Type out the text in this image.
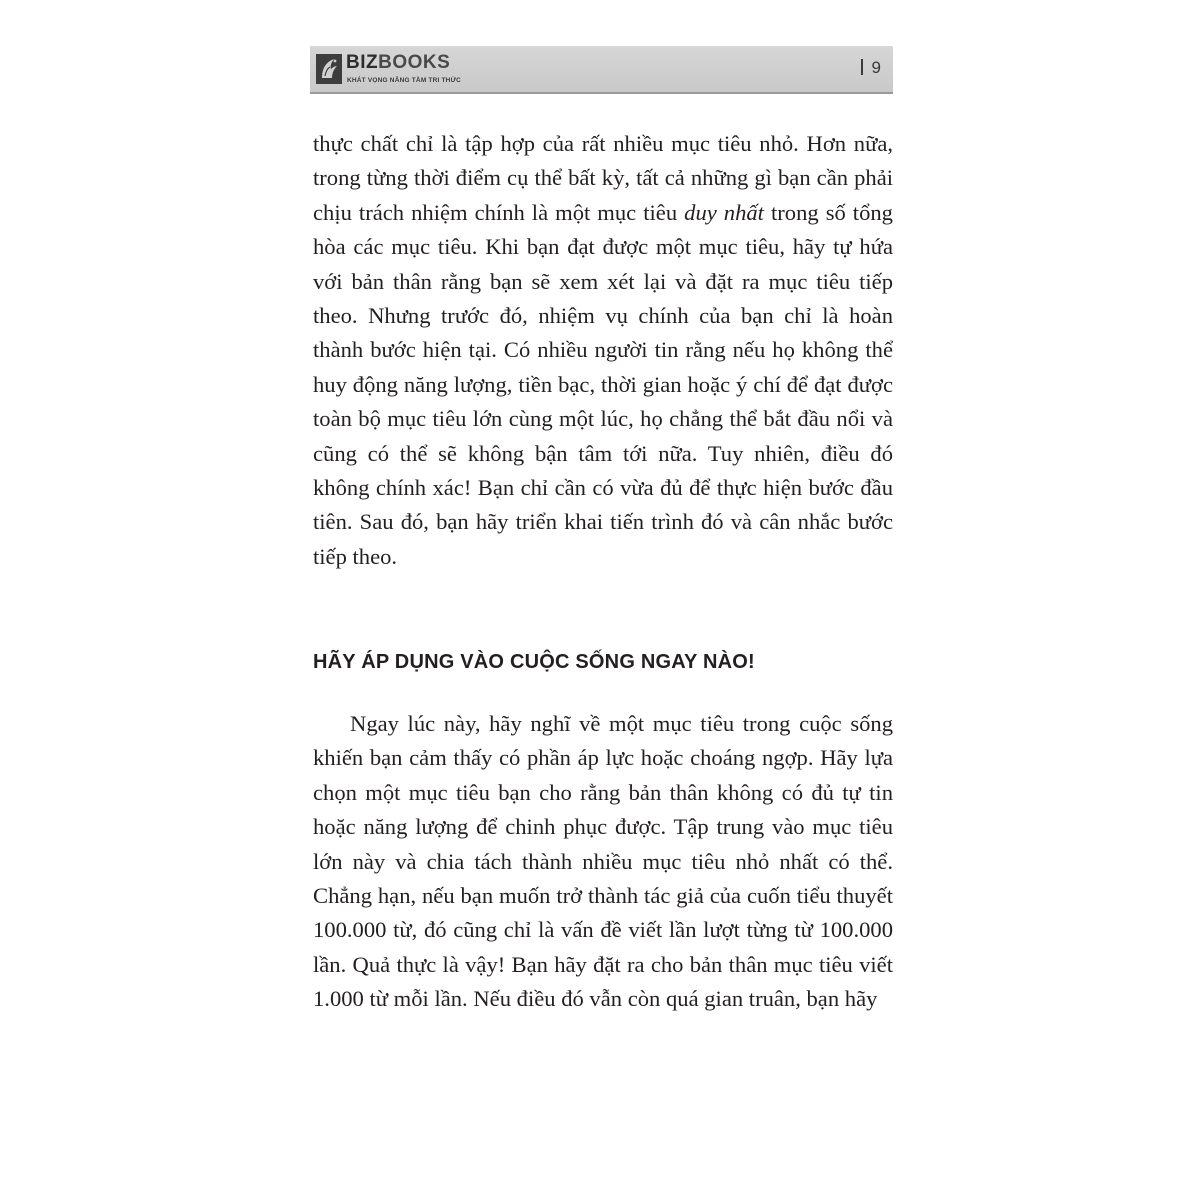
BIZBOOKS
KHÁT VỌNG NÂNG TẦM TRI THỨC
9

thực chất chỉ là tập hợp của rất nhiều mục tiêu nhỏ. Hơn nữa, trong từng thời điểm cụ thể bất kỳ, tất cả những gì bạn cần phải chịu trách nhiệm chính là một mục tiêu duy nhất trong số tổng hòa các mục tiêu. Khi bạn đạt được một mục tiêu, hãy tự hứa với bản thân rằng bạn sẽ xem xét lại và đặt ra mục tiêu tiếp theo. Nhưng trước đó, nhiệm vụ chính của bạn chỉ là hoàn thành bước hiện tại. Có nhiều người tin rằng nếu họ không thể huy động năng lượng, tiền bạc, thời gian hoặc ý chí để đạt được toàn bộ mục tiêu lớn cùng một lúc, họ chẳng thể bắt đầu nổi và cũng có thể sẽ không bận tâm tới nữa. Tuy nhiên, điều đó không chính xác! Bạn chỉ cần có vừa đủ để thực hiện bước đầu tiên. Sau đó, bạn hãy triển khai tiến trình đó và cân nhắc bước tiếp theo.

HÃY ÁP DỤNG VÀO CUỘC SỐNG NGAY NÀO!

Ngay lúc này, hãy nghĩ về một mục tiêu trong cuộc sống khiến bạn cảm thấy có phần áp lực hoặc choáng ngợp. Hãy lựa chọn một mục tiêu bạn cho rằng bản thân không có đủ tự tin hoặc năng lượng để chinh phục được. Tập trung vào mục tiêu lớn này và chia tách thành nhiều mục tiêu nhỏ nhất có thể. Chẳng hạn, nếu bạn muốn trở thành tác giả của cuốn tiểu thuyết 100.000 từ, đó cũng chỉ là vấn đề viết lần lượt từng từ 100.000 lần. Quả thực là vậy! Bạn hãy đặt ra cho bản thân mục tiêu viết 1.000 từ mỗi lần. Nếu điều đó vẫn còn quá gian truân, bạn hãy
